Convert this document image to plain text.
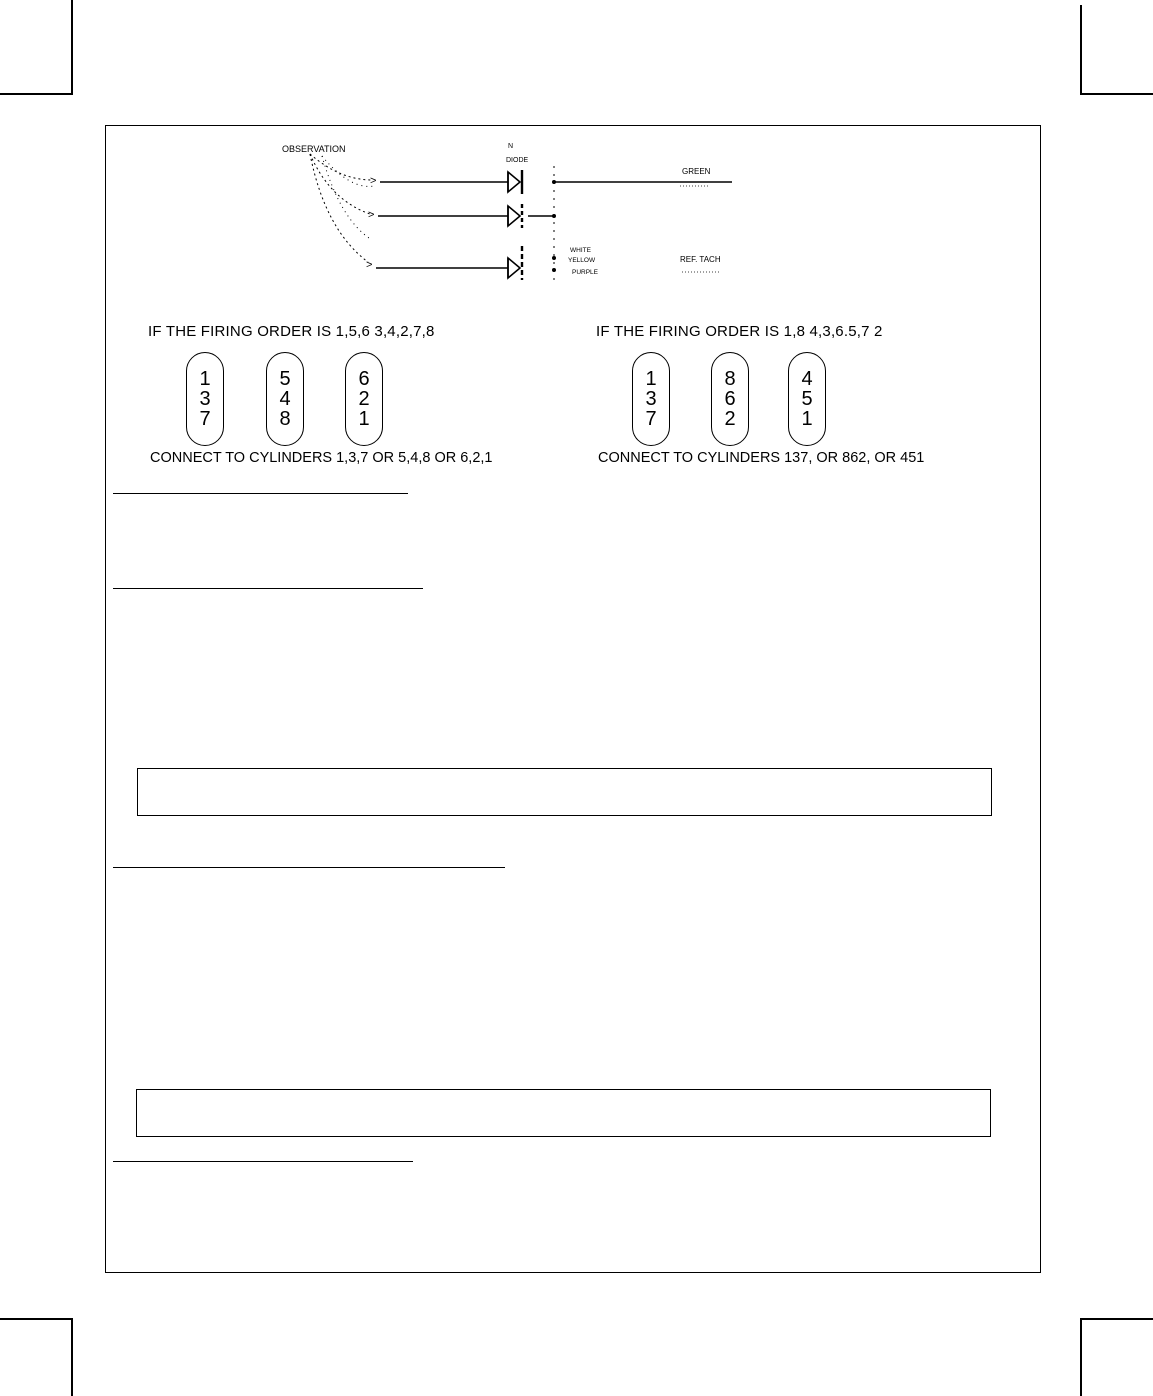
OBSERVATION
>
>
>
N
DIODE
GREEN
WHITE
YELLOW
PURPLE
REF. TACH
IF THE FIRING ORDER IS 1,5,6 3,4,2,7,8
1
3
7
5
4
8
6
2
1
CONNECT TO CYLINDERS 1,3,7 OR 5,4,8 OR 6,2,1
IF THE FIRING ORDER IS 1,8 4,3,6.5,7 2
1
3
7
8
6
2
4
5
1
CONNECT TO CYLINDERS 137, OR 862, OR 451
